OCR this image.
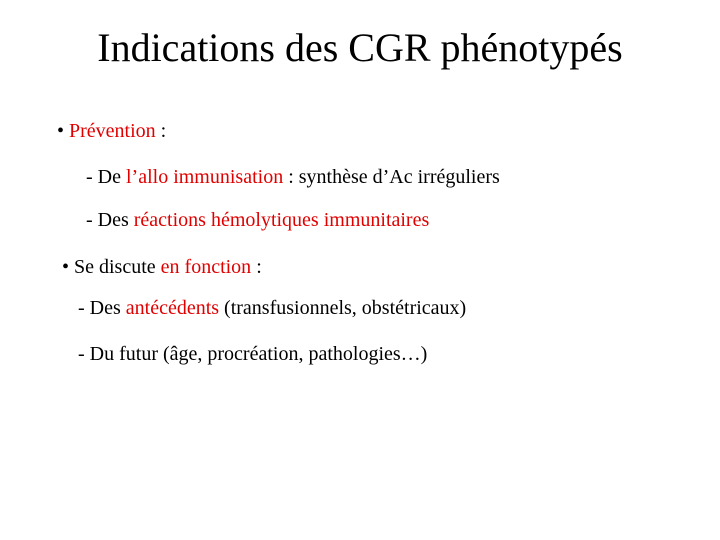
Indications des CGR phénotypés
• Prévention :
- De l’allo immunisation : synthèse d’Ac irréguliers
- Des réactions hémolytiques immunitaires
• Se discute en fonction :
- Des antécédents (transfusionnels, obstétricaux)
- Du futur (âge, procréation, pathologies…)
